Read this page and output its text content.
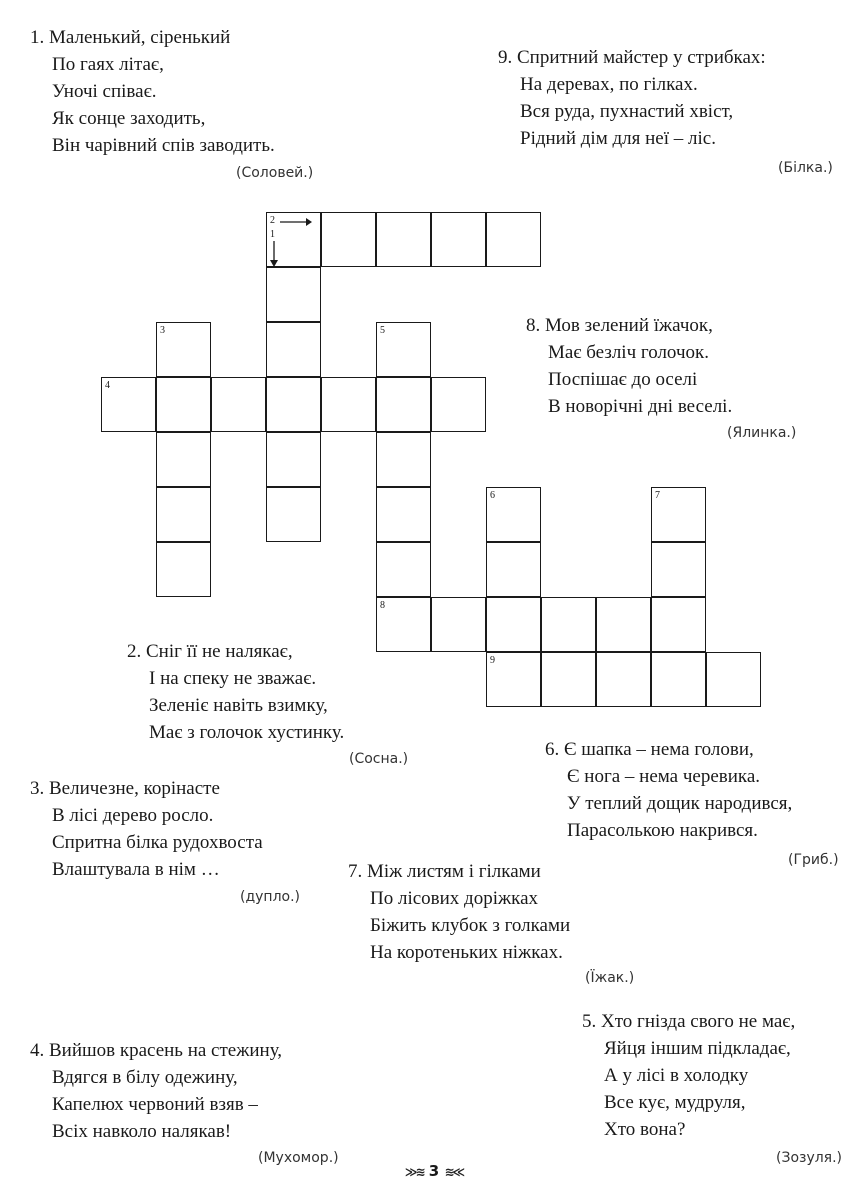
1. Маленький, сіренький
По гаях літає,
Уночі співає.
Як сонце заходить,
Він чарівний спів заводить.
(Соловей.)
9. Спритний майстер у стрибках:
На деревах, по гілках.
Вся руда, пухнастий хвіст,
Рідний дім для неї – ліс.
(Білка.)
2
1
3
4
5
8
6	7
9
8. Мов зелений їжачок,
Має безліч голочок.
Поспішає до оселі
В новорічні дні веселі.
(Ялинка.)
2. Сніг її не налякає,
І на спеку не зважає.
Зеленіє навіть взимку,
Має з голочок хустинку.
(Сосна.)	6. Є шапка – нема голови,
Є нога – нема черевика.
У теплий дощик народився,
Парасолькою накрився.
(Гриб.)
3. Величезне, корінасте
В лісі дерево росло.
Спритна білка рудохвоста
Влаштувала в нім …
(дупло.)
7. Між листям і гілками
По лісових доріжках
Біжить клубок з голками
На коротеньких ніжках.
(Їжак.)
5. Хто гнізда свого не має,
Яйця іншим підкладає,
А у лісі в холодку
Все кує, мудруля,
Хто вона?
(Зозуля.)
4. Вийшов красень на стежину,
Вдягся в білу одежину,
Капелюх червоний взяв –
Всіх навколо налякав!
(Мухомор.)
≫≋ 3 ≋≪
